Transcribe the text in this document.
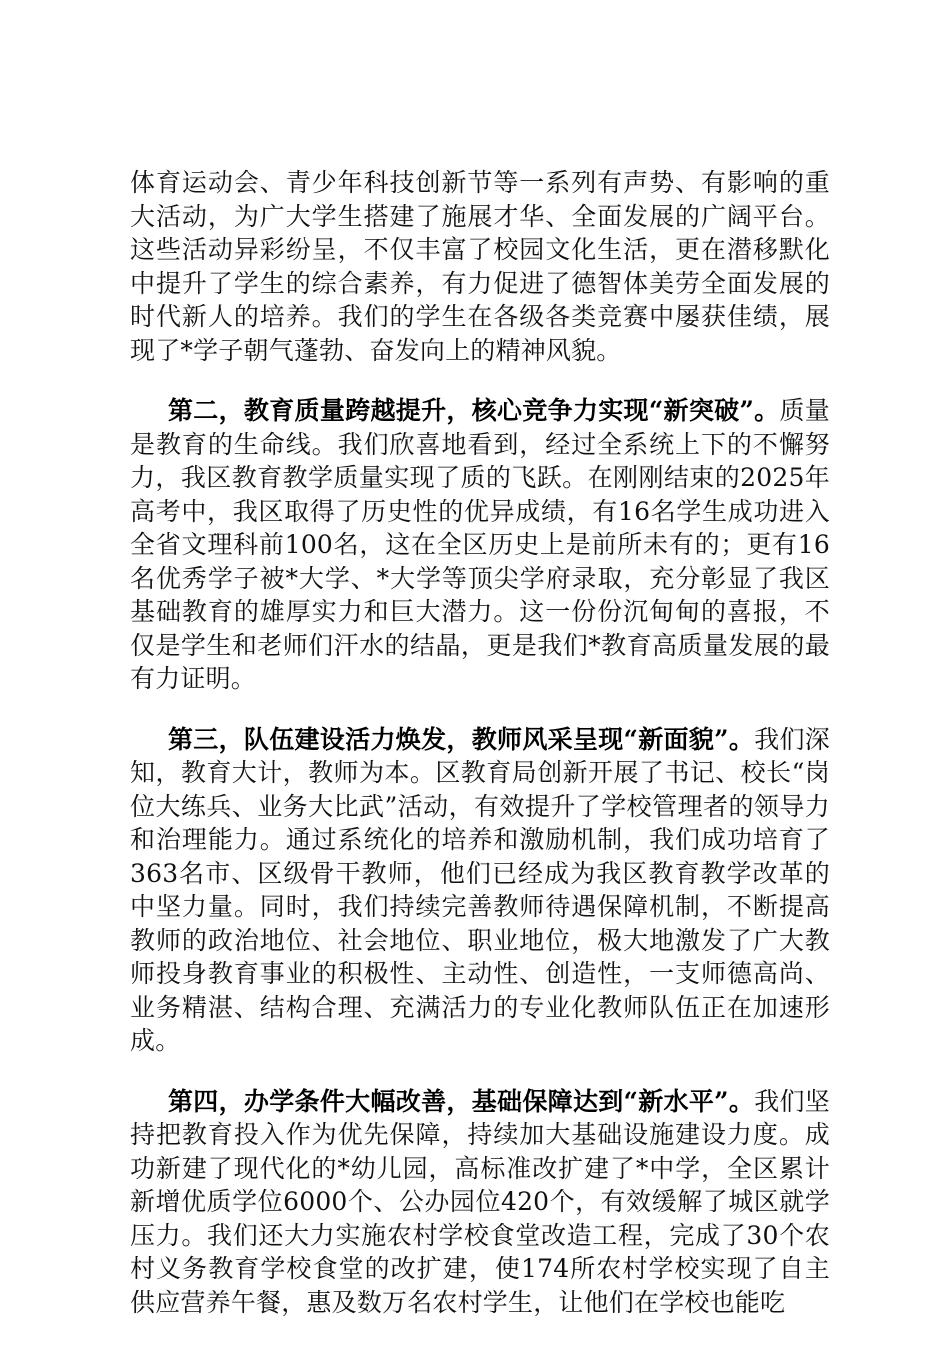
体育运动会、青少年科技创新节等一系列有声势、有影响的重大活动，为广大学生搭建了施展才华、全面发展的广阔平台。这些活动异彩纷呈，不仅丰富了校园文化生活，更在潜移默化中提升了学生的综合素养，有力促进了德智体美劳全面发展的时代新人的培养。我们的学生在各级各类竞赛中屡获佳绩，展现了*学子朝气蓬勃、奋发向上的精神风貌。

第二，教育质量跨越提升，核心竞争力实现“新突破”。质量是教育的生命线。我们欣喜地看到，经过全系统上下的不懈努力，我区教育教学质量实现了质的飞跃。在刚刚结束的2025年高考中，我区取得了历史性的优异成绩，有16名学生成功进入全省文理科前100名，这在全区历史上是前所未有的；更有16名优秀学子被*大学、*大学等顶尖学府录取，充分彰显了我区基础教育的雄厚实力和巨大潜力。这一份份沉甸甸的喜报，不仅是学生和老师们汗水的结晶，更是我们*教育高质量发展的最有力证明。

第三，队伍建设活力焕发，教师风采呈现“新面貌”。我们深知，教育大计，教师为本。区教育局创新开展了书记、校长“岗位大练兵、业务大比武”活动，有效提升了学校管理者的领导力和治理能力。通过系统化的培养和激励机制，我们成功培育了363名市、区级骨干教师，他们已经成为我区教育教学改革的中坚力量。同时，我们持续完善教师待遇保障机制，不断提高教师的政治地位、社会地位、职业地位，极大地激发了广大教师投身教育事业的积极性、主动性、创造性，一支师德高尚、业务精湛、结构合理、充满活力的专业化教师队伍正在加速形成。

第四，办学条件大幅改善，基础保障达到“新水平”。我们坚持把教育投入作为优先保障，持续加大基础设施建设力度。成功新建了现代化的*幼儿园，高标准改扩建了*中学，全区累计新增优质学位6000个、公办园位420个，有效缓解了城区就学压力。我们还大力实施农村学校食堂改造工程，完成了30个农村义务教育学校食堂的改扩建，使174所农村学校实现了自主供应营养午餐，惠及数万名农村学生，让他们在学校也能吃
